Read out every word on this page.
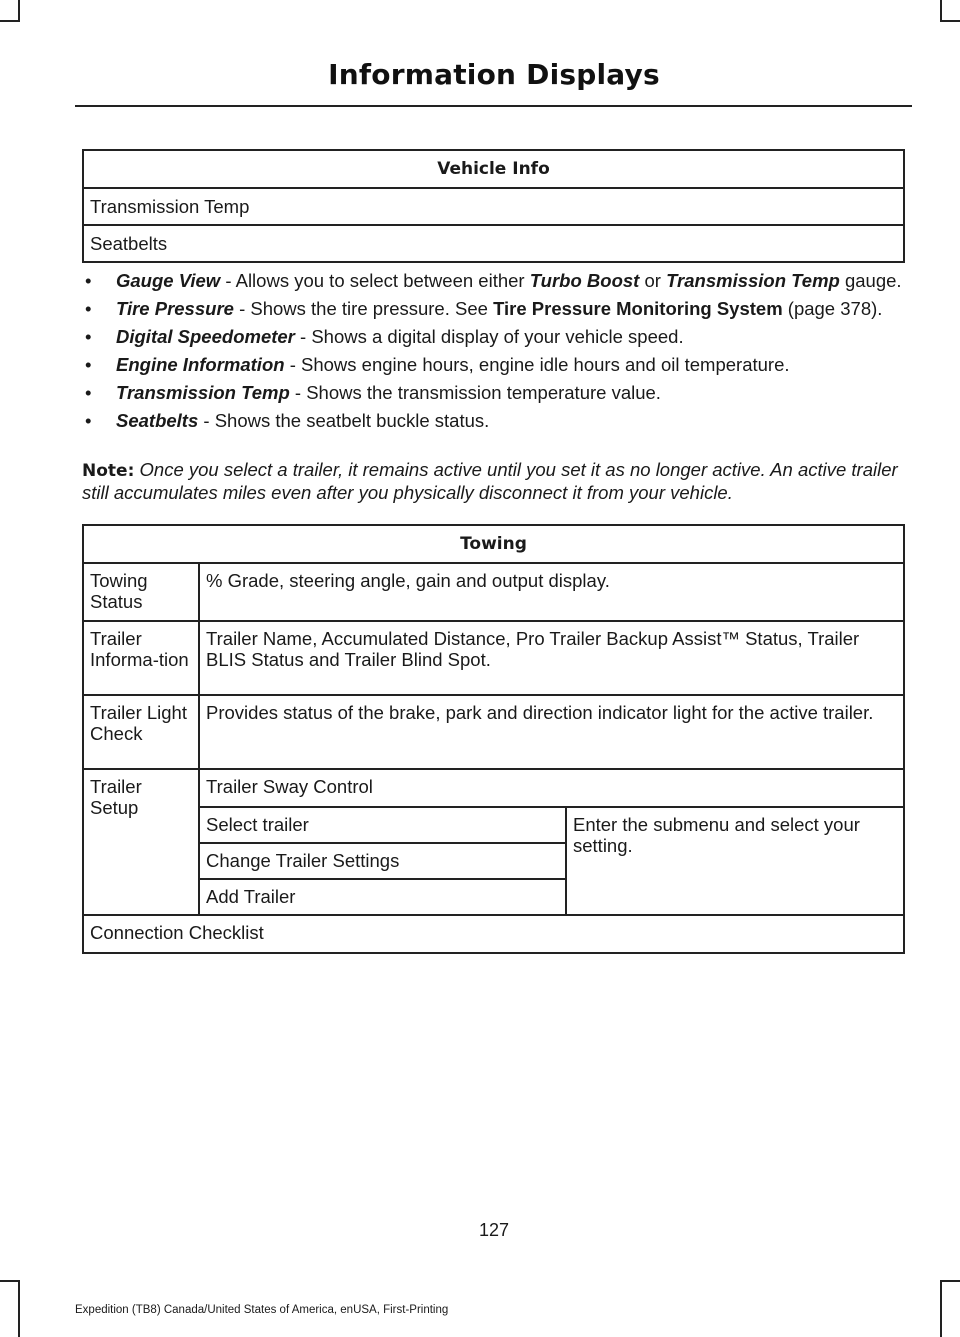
Information Displays
Vehicle Info
Transmission Temp
Seatbelts
• Gauge View - Allows you to select between either Turbo Boost or Transmission Temp gauge.
• Tire Pressure - Shows the tire pressure. See Tire Pressure Monitoring System (page 378).
• Digital Speedometer - Shows a digital display of your vehicle speed.
• Engine Information - Shows engine hours, engine idle hours and oil temperature.
• Transmission Temp - Shows the transmission temperature value.
• Seatbelts - Shows the seatbelt buckle status.
Note: Once you select a trailer, it remains active until you set it as no longer active. An active trailer still accumulates miles even after you physically disconnect it from your vehicle.
Towing		
Towing Status	% Grade, steering angle, gain and output display.	
Trailer Informa-tion	Trailer Name, Accumulated Distance, Pro Trailer Backup Assist™ Status, Trailer BLIS Status and Trailer Blind Spot.	
Trailer Light Check	Provides status of the brake, park and direction indicator light for the active trailer.	
Trailer Setup	Trailer Sway Control	
	Select trailer	Enter the submenu and select your setting.
	Change Trailer Settings	
	Add Trailer	
Connection Checklist		
127
Expedition (TB8) Canada/United States of America, enUSA, First-Printing
